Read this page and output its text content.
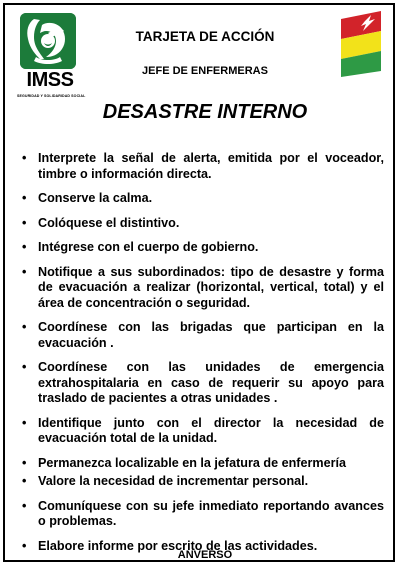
IMSS
SEGURIDAD Y SOLIDARIDAD SOCIAL
TARJETA DE ACCIÓN
JEFE DE ENFERMERAS
DESASTRE INTERNO
• Interprete la señal de alerta, emitida por el voceador, timbre o información directa.
• Conserve la calma.
• Colóquese el distintivo.
• Intégrese con el cuerpo de gobierno.
• Notifique a sus subordinados: tipo de desastre y forma de evacuación a realizar (horizontal, vertical, total) y el área de concentración o seguridad.
• Coordínese con las brigadas que participan en la evacuación .
• Coordínese con las unidades de emergencia extrahospitalaria en caso de requerir su apoyo para traslado de pacientes a otras unidades .
• Identifique junto con el director la necesidad de evacuación total de la unidad.
• Permanezca localizable en la jefatura de enfermería
• Valore la necesidad de incrementar personal.
• Comuníquese con su jefe inmediato reportando avances o problemas.
• Elabore informe por escrito de las actividades.
ANVERSO
